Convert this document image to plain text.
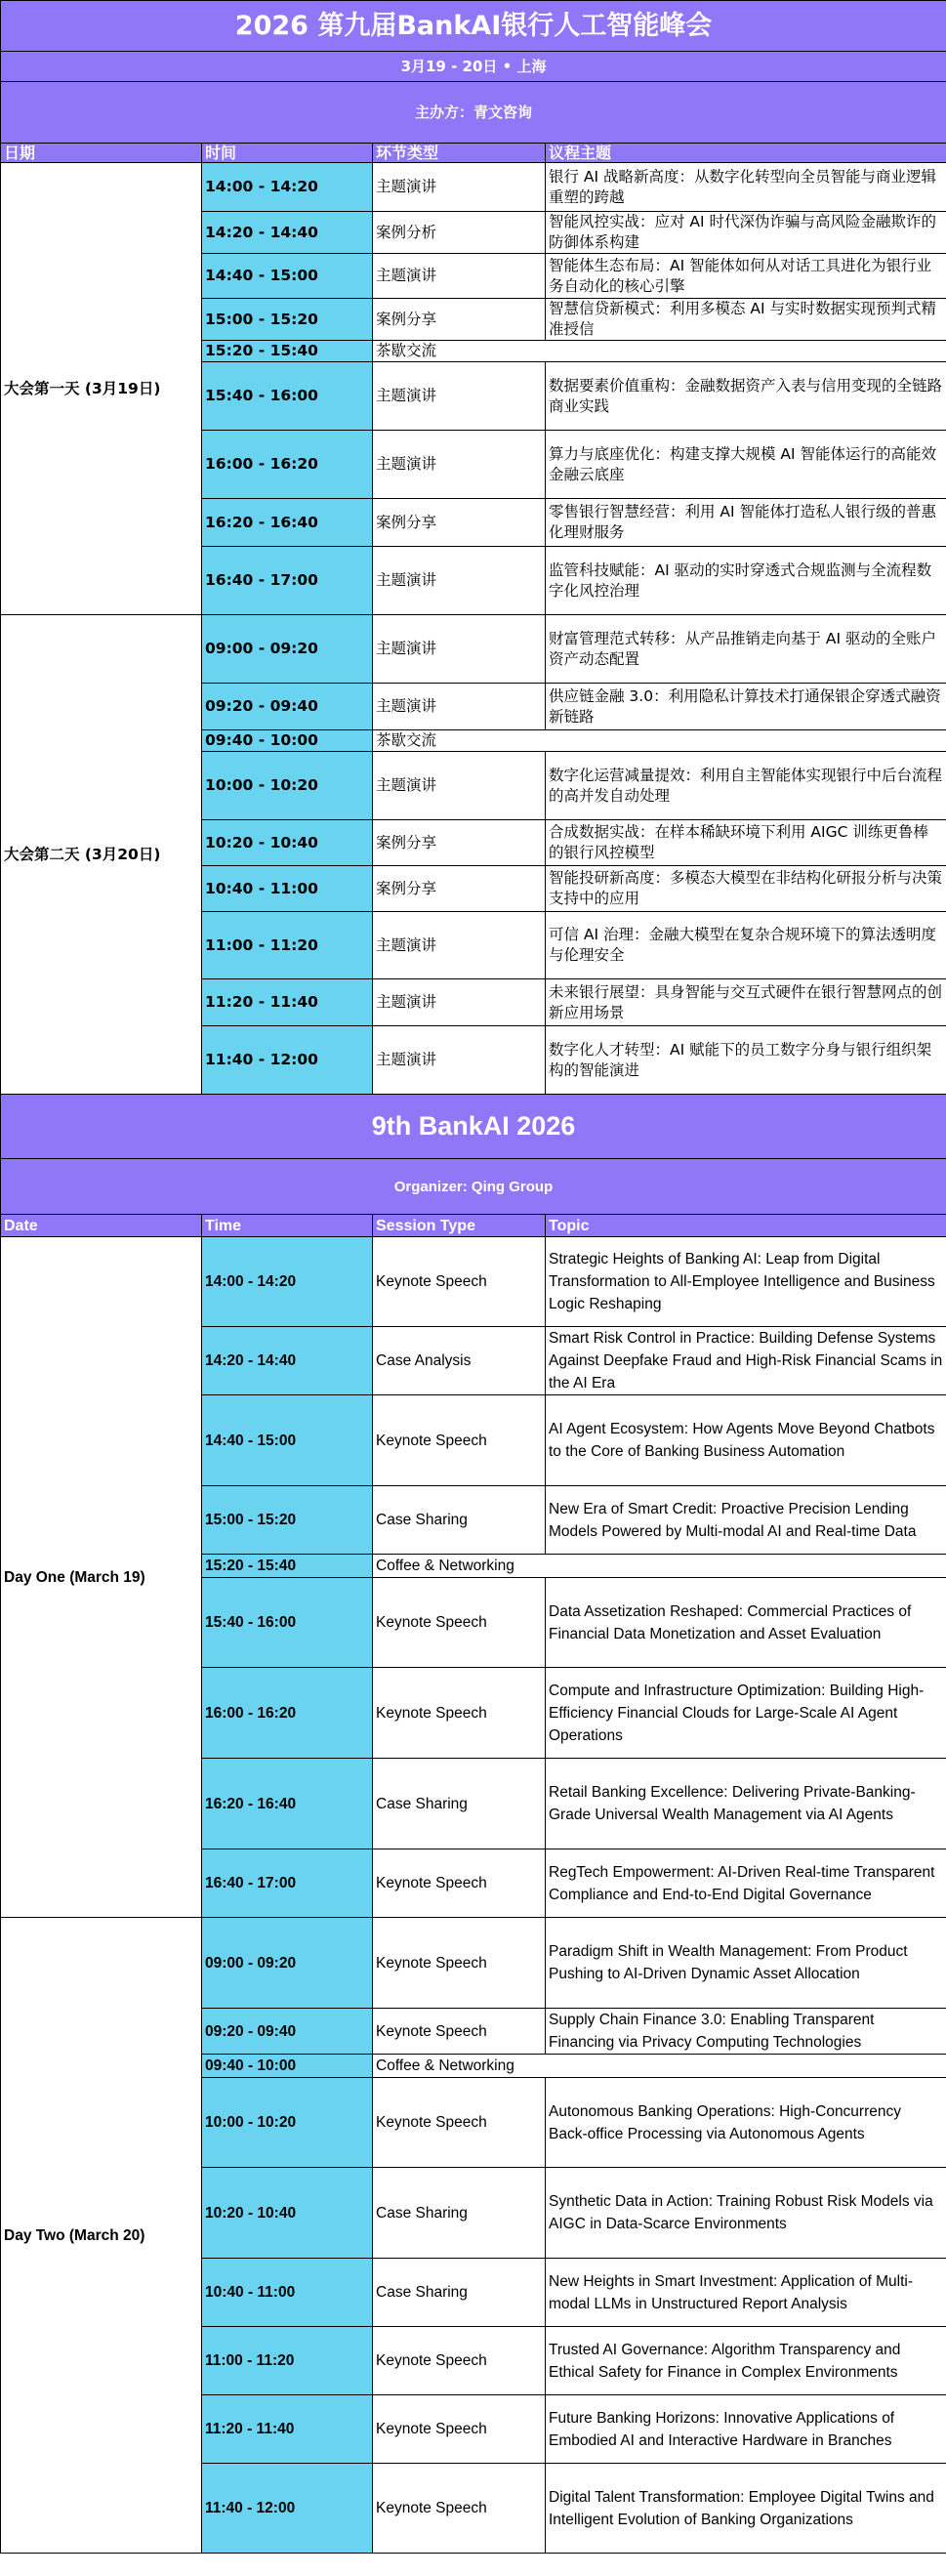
2026 第九届BankAI银行人工智能峰会			
3月19 - 20日 • 上海			
主办方：青文咨询			
日期	时间	环节类型	议程主题
大会第一天 (3月19日)	14:00 - 14:20	主题演讲	银行 AI 战略新高度：从数字化转型向全员智能与商业逻辑重塑的跨越
	14:20 - 14:40	案例分析	智能风控实战：应对 AI 时代深伪诈骗与高风险金融欺诈的防御体系构建
	14:40 - 15:00	主题演讲	智能体生态布局：AI 智能体如何从对话工具进化为银行业务自动化的核心引擎
	15:00 - 15:20	案例分享	智慧信贷新模式：利用多模态 AI 与实时数据实现预判式精准授信
	15:20 - 15:40	茶歇交流	
	15:40 - 16:00	主题演讲	数据要素价值重构：金融数据资产入表与信用变现的全链路商业实践
	16:00 - 16:20	主题演讲	算力与底座优化：构建支撑大规模 AI 智能体运行的高能效金融云底座
	16:20 - 16:40	案例分享	零售银行智慧经营：利用 AI 智能体打造私人银行级的普惠化理财服务
	16:40 - 17:00	主题演讲	监管科技赋能：AI 驱动的实时穿透式合规监测与全流程数字化风控治理
大会第二天 (3月20日)	09:00 - 09:20	主题演讲	财富管理范式转移：从产品推销走向基于 AI 驱动的全账户资产动态配置
	09:20 - 09:40	主题演讲	供应链金融 3.0：利用隐私计算技术打通保银企穿透式融资新链路
	09:40 - 10:00	茶歇交流	
	10:00 - 10:20	主题演讲	数字化运营减量提效：利用自主智能体实现银行中后台流程的高并发自动处理
	10:20 - 10:40	案例分享	合成数据实战：在样本稀缺环境下利用 AIGC 训练更鲁棒的银行风控模型
	10:40 - 11:00	案例分享	智能投研新高度：多模态大模型在非结构化研报分析与决策支持中的应用
	11:00 - 11:20	主题演讲	可信 AI 治理：金融大模型在复杂合规环境下的算法透明度与伦理安全
	11:20 - 11:40	主题演讲	未来银行展望：具身智能与交互式硬件在银行智慧网点的创新应用场景
	11:40 - 12:00	主题演讲	数字化人才转型：AI 赋能下的员工数字分身与银行组织架构的智能演进
9th BankAI 2026			
Organizer: Qing Group			
Date	Time	Session Type	Topic
Day One (March 19)	14:00 - 14:20	Keynote Speech	Strategic Heights of Banking AI: Leap from Digital Transformation to All-Employee Intelligence and Business Logic Reshaping
	14:20 - 14:40	Case Analysis	Smart Risk Control in Practice: Building Defense Systems Against Deepfake Fraud and High-Risk Financial Scams in the AI Era
	14:40 - 15:00	Keynote Speech	AI Agent Ecosystem: How Agents Move Beyond Chatbots to the Core of Banking Business Automation
	15:00 - 15:20	Case Sharing	New Era of Smart Credit: Proactive Precision Lending Models Powered by Multi-modal AI and Real-time Data
	15:20 - 15:40	Coffee & Networking	
	15:40 - 16:00	Keynote Speech	Data Assetization Reshaped: Commercial Practices of Financial Data Monetization and Asset Evaluation
	16:00 - 16:20	Keynote Speech	Compute and Infrastructure Optimization: Building High-Efficiency Financial Clouds for Large-Scale AI Agent Operations
	16:20 - 16:40	Case Sharing	Retail Banking Excellence: Delivering Private-Banking-Grade Universal Wealth Management via AI Agents
	16:40 - 17:00	Keynote Speech	RegTech Empowerment: AI-Driven Real-time Transparent Compliance and End-to-End Digital Governance
Day Two (March 20)	09:00 - 09:20	Keynote Speech	Paradigm Shift in Wealth Management: From Product Pushing to AI-Driven Dynamic Asset Allocation
	09:20 - 09:40	Keynote Speech	Supply Chain Finance 3.0: Enabling Transparent Financing via Privacy Computing Technologies
	09:40 - 10:00	Coffee & Networking	
	10:00 - 10:20	Keynote Speech	Autonomous Banking Operations: High-Concurrency Back-office Processing via Autonomous Agents
	10:20 - 10:40	Case Sharing	Synthetic Data in Action: Training Robust Risk Models via AIGC in Data-Scarce Environments
	10:40 - 11:00	Case Sharing	New Heights in Smart Investment: Application of Multi-modal LLMs in Unstructured Report Analysis
	11:00 - 11:20	Keynote Speech	Trusted AI Governance: Algorithm Transparency and Ethical Safety for Finance in Complex Environments
	11:20 - 11:40	Keynote Speech	Future Banking Horizons: Innovative Applications of Embodied AI and Interactive Hardware in Branches
	11:40 - 12:00	Keynote Speech	Digital Talent Transformation: Employee Digital Twins and Intelligent Evolution of Banking Organizations
